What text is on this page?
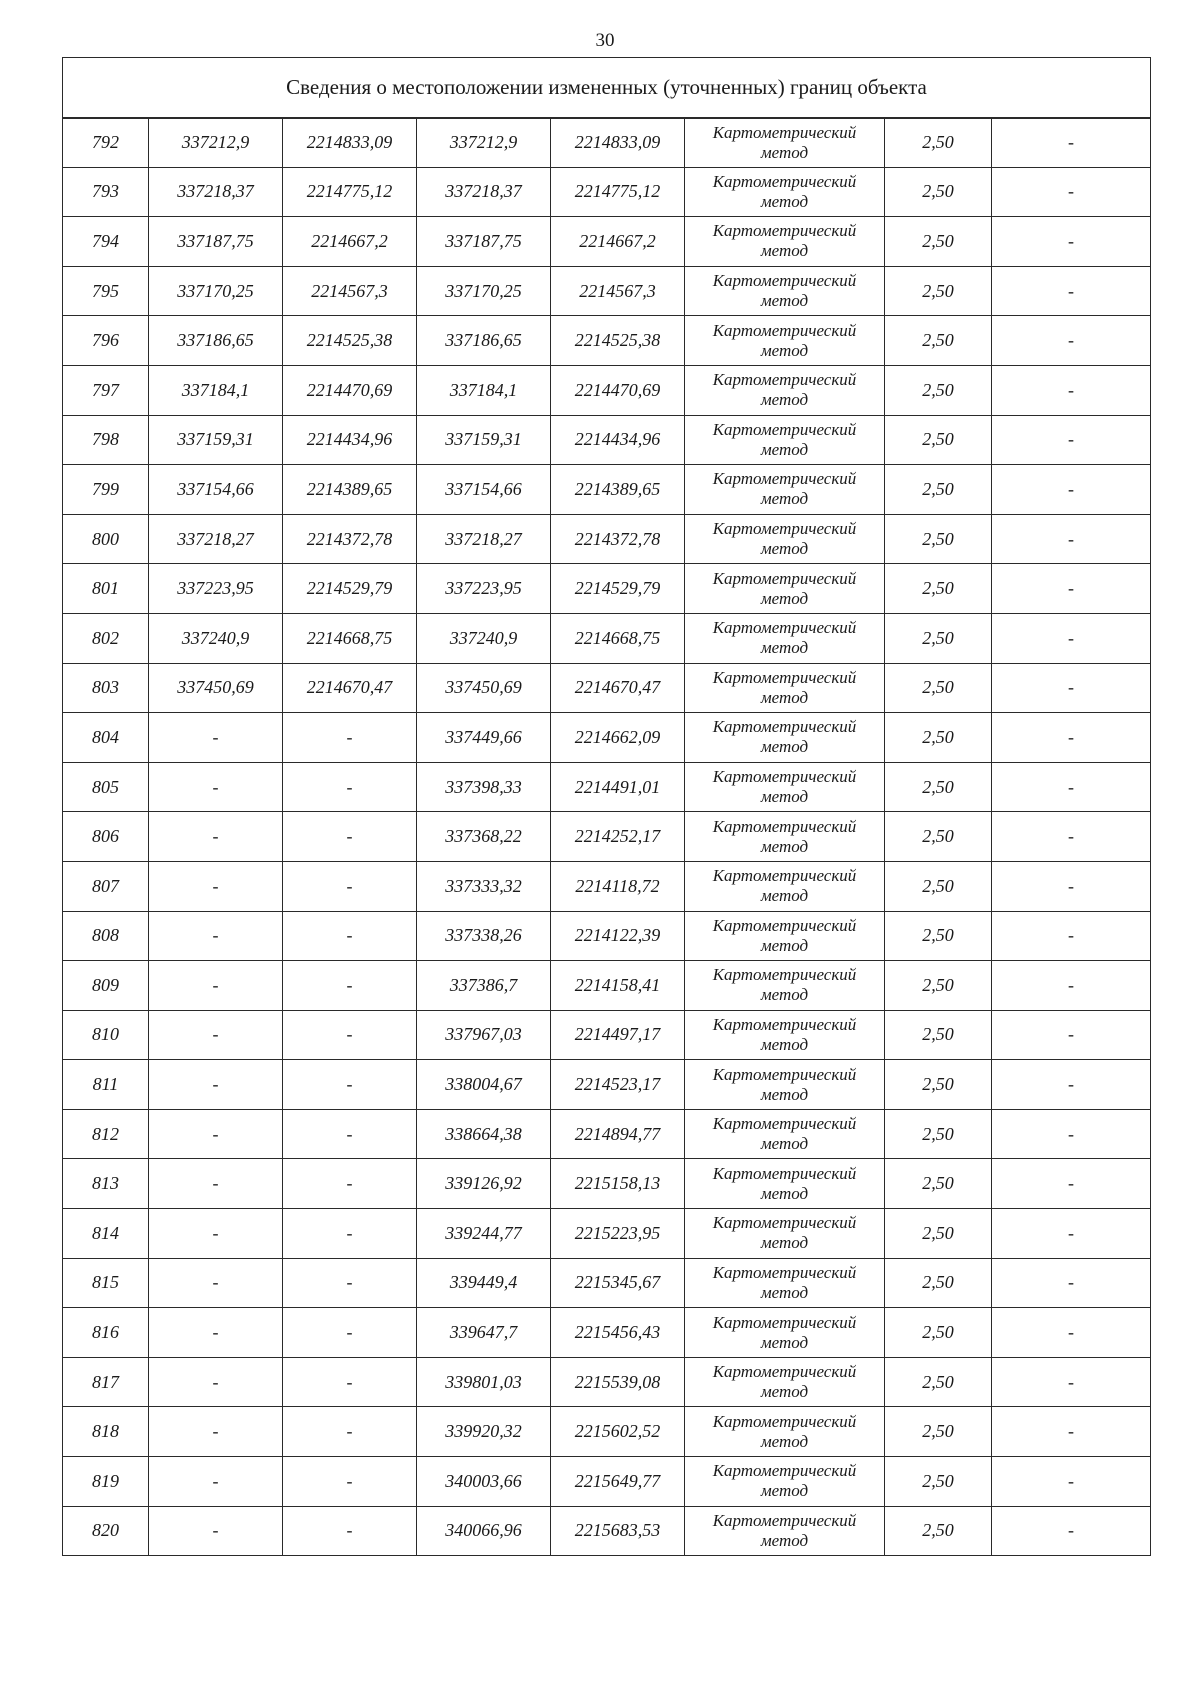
30
Сведения о местоположении измененных (уточненных) границ объекта							
792	337212,9	2214833,09	337212,9	2214833,09	Картометрический
метод	2,50	-
793	337218,37	2214775,12	337218,37	2214775,12	Картометрический
метод	2,50	-
794	337187,75	2214667,2	337187,75	2214667,2	Картометрический
метод	2,50	-
795	337170,25	2214567,3	337170,25	2214567,3	Картометрический
метод	2,50	-
796	337186,65	2214525,38	337186,65	2214525,38	Картометрический
метод	2,50	-
797	337184,1	2214470,69	337184,1	2214470,69	Картометрический
метод	2,50	-
798	337159,31	2214434,96	337159,31	2214434,96	Картометрический
метод	2,50	-
799	337154,66	2214389,65	337154,66	2214389,65	Картометрический
метод	2,50	-
800	337218,27	2214372,78	337218,27	2214372,78	Картометрический
метод	2,50	-
801	337223,95	2214529,79	337223,95	2214529,79	Картометрический
метод	2,50	-
802	337240,9	2214668,75	337240,9	2214668,75	Картометрический
метод	2,50	-
803	337450,69	2214670,47	337450,69	2214670,47	Картометрический
метод	2,50	-
804	-	-	337449,66	2214662,09	Картометрический
метод	2,50	-
805	-	-	337398,33	2214491,01	Картометрический
метод	2,50	-
806	-	-	337368,22	2214252,17	Картометрический
метод	2,50	-
807	-	-	337333,32	2214118,72	Картометрический
метод	2,50	-
808	-	-	337338,26	2214122,39	Картометрический
метод	2,50	-
809	-	-	337386,7	2214158,41	Картометрический
метод	2,50	-
810	-	-	337967,03	2214497,17	Картометрический
метод	2,50	-
811	-	-	338004,67	2214523,17	Картометрический
метод	2,50	-
812	-	-	338664,38	2214894,77	Картометрический
метод	2,50	-
813	-	-	339126,92	2215158,13	Картометрический
метод	2,50	-
814	-	-	339244,77	2215223,95	Картометрический
метод	2,50	-
815	-	-	339449,4	2215345,67	Картометрический
метод	2,50	-
816	-	-	339647,7	2215456,43	Картометрический
метод	2,50	-
817	-	-	339801,03	2215539,08	Картометрический
метод	2,50	-
818	-	-	339920,32	2215602,52	Картометрический
метод	2,50	-
819	-	-	340003,66	2215649,77	Картометрический
метод	2,50	-
820	-	-	340066,96	2215683,53	Картометрический
метод	2,50	-
